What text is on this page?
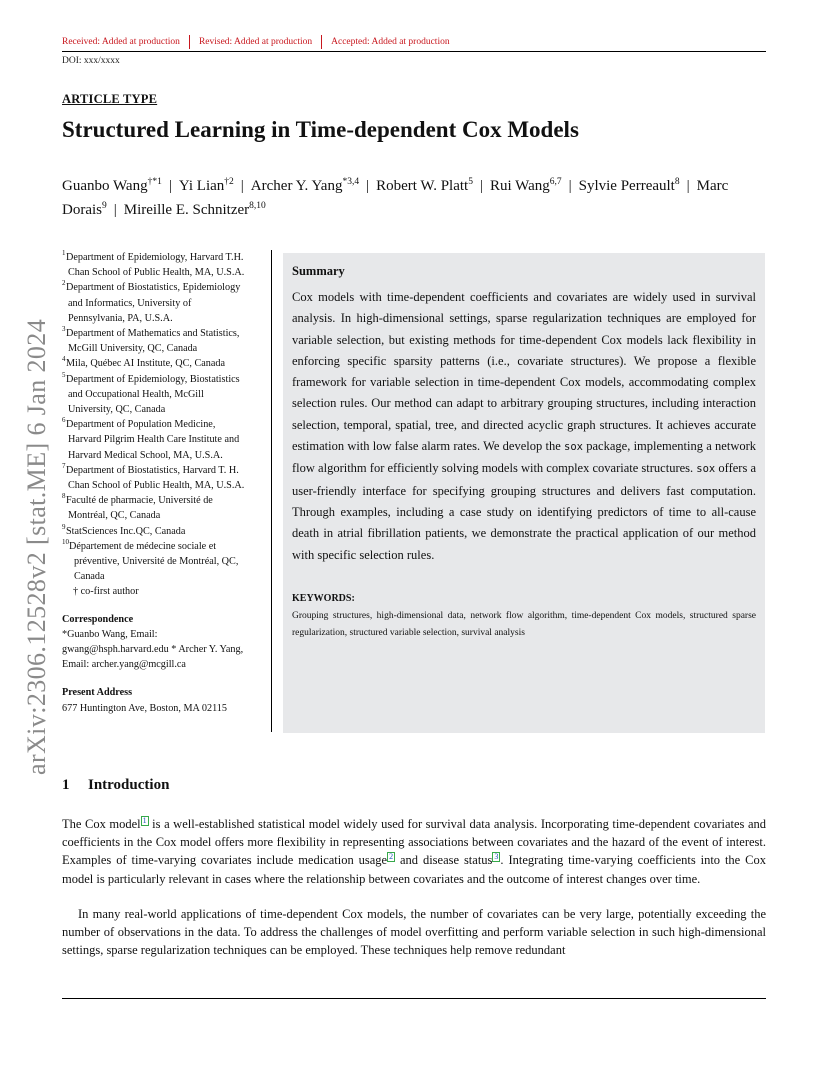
Received: Added at production Revised: Added at production Accepted: Added at production
DOI: xxx/xxxx
ARTICLE TYPE
Structured Learning in Time-dependent Cox Models
Guanbo Wang$^{\dagger*1}$ | Yi Lian$^{\dagger 2}$ | Archer Y. Yang$^{*3,4}$ | Robert W. Platt$^5$ | Rui Wang$^{6,7}$ | Sylvie Perreault$^8$ | Marc Dorais$^9$ | Mireille E. Schnitzer$^{8,10}$
1 Department of Epidemiology, Harvard T.H.
Chan School of Public Health, MA, U.S.A.
2 Department of Biostatistics, Epidemiology
and Informatics, University of
Pennsylvania, PA, U.S.A.
3 Department of Mathematics and Statistics,
McGill University, QC, Canada
4 Mila, Québec AI Institute, QC, Canada
5 Department of Epidemiology, Biostatistics
and Occupational Health, McGill
University, QC, Canada
6 Department of Population Medicine,
Harvard Pilgrim Health Care Institute and
Harvard Medical School, MA, U.S.A.
7 Department of Biostatistics, Harvard T. H.
Chan School of Public Health, MA, U.S.A.
8 Faculté de pharmacie, Université de
Montréal, QC, Canada
9 StatSciences Inc.QC, Canada
10 Département de médecine sociale et
préventive, Université de Montréal, QC,
Canada
† co-first author
Correspondence
*Guanbo Wang, Email:
gwang@hsph.harvard.edu * Archer Y. Yang,
Email: archer.yang@mcgill.ca
Present Address
677 Huntington Ave, Boston, MA 02115
Summary
Cox models with time-dependent coefficients and covariates are widely used in survival analysis. In high-dimensional settings, sparse regularization techniques are employed for variable selection, but existing methods for time-dependent Cox models lack flexibility in enforcing specific sparsity patterns (i.e., covariate structures). We propose a flexible framework for variable selection in time-dependent Cox models, accommodating complex selection rules. Our method can adapt to arbitrary grouping structures, including interaction selection, temporal, spatial, tree, and directed acyclic graph structures. It achieves accurate estimation with low false alarm rates. We develop the sox package, implementing a network flow algorithm for efficiently solving models with complex covariate structures. sox offers a user-friendly interface for specifying grouping structures and delivers fast computation. Through examples, including a case study on identifying predictors of time to all-cause death in atrial fibrillation patients, we demonstrate the practical application of our method with specific selection rules.
KEYWORDS:
Grouping structures, high-dimensional data, network flow algorithm, time-dependent Cox models, structured sparse regularization, structured variable selection, survival analysis
arXiv:2306.12528v2 [stat.ME] 6 Jan 2024
1 Introduction
The Cox model 1 is a well-established statistical model widely used for survival data analysis. Incorporating time-dependent covariates and coefficients in the Cox model offers more flexibility in representing associations between covariates and the hazard of the event of interest. Examples of time-varying covariates include medication usage 2 and disease status 3 . Integrating time-varying coefficients into the Cox model is particularly relevant in cases where the relationship between covariates and the outcome of interest changes over time.
In many real-world applications of time-dependent Cox models, the number of covariates can be very large, potentially exceeding the number of observations in the data. To address the challenges of model overfitting and perform variable selection in such high-dimensional settings, sparse regularization techniques can be employed. These techniques help remove redundant
